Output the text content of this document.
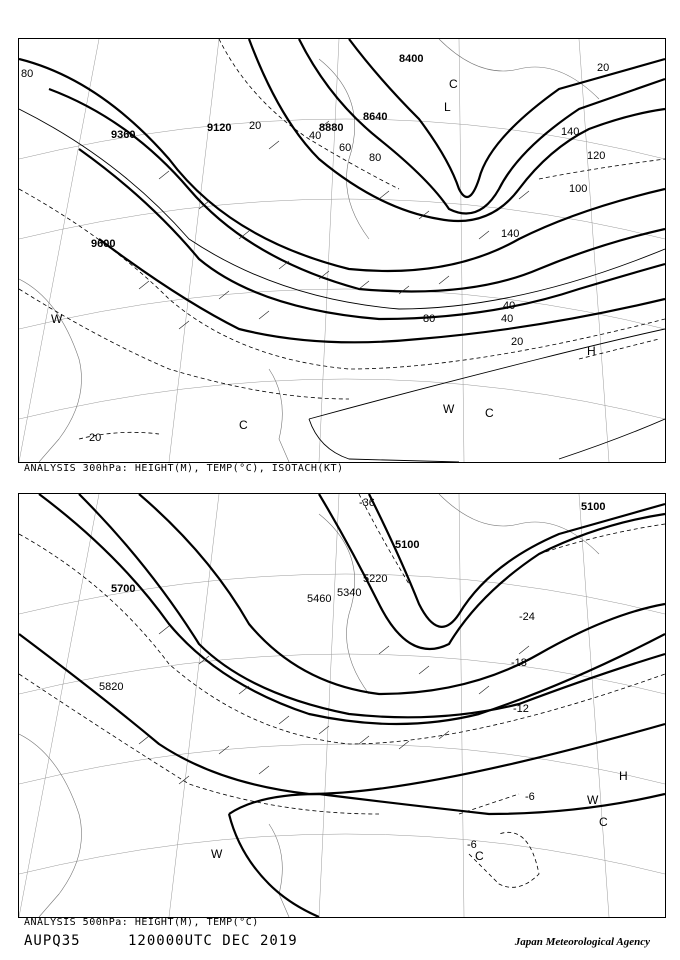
9360
9120	8880
8640
8400
9600
80
20
40
60
80	120
140
100
40
20
20
140
80
40
20
C
L
W
C
H
C
W
ANALYSIS 300hPa: HEIGHT(M), TEMP(°C), ISOTACH(KT)
5700
5820
5460 5340
5220
5100
5100
-36
-24
-18
-12
-6
-6
H
W
C
C
W
ANALYSIS 500hPa: HEIGHT(M), TEMP(°C)
AUPQ35	120000UTC DEC 2019	Japan Meteorological Agency
